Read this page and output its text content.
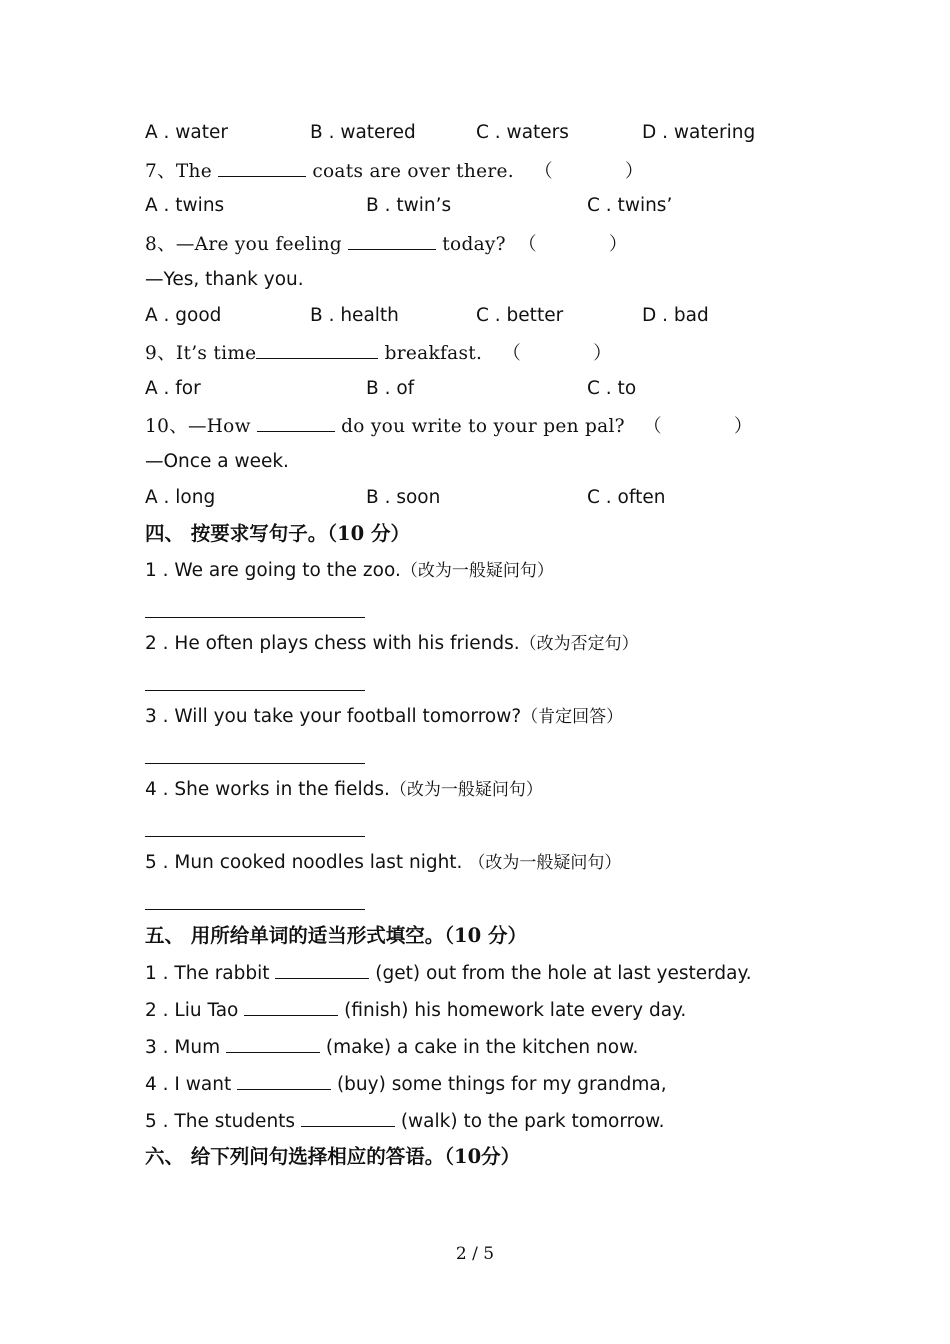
A . water	B . watered	C . waters	D . watering
7、The	coats are over there. （	）
A . twins	B . twin’s	C . twins’
8、—Are you feeling	today? （	）
—Yes, thank you.
A . good	B . health	C . better	D . bad
9、It’s time	breakfast. （	）
A . for	B . of	C . to
10、—How	do you write to your pen pal? （	）
—Once a week.
A . long	B . soon	C . often
四、 按要求写句子。（10 分）
1 . We are going to the zoo.（改为一般疑问句）
2 . He often plays chess with his friends.（改为否定句）
3 . Will you take your football tomorrow?（肯定回答）
4 . She works in the fields.（改为一般疑问句）
5 . Mun cooked noodles last night. （改为一般疑问句）
五、 用所给单词的适当形式填空。（10 分）
1 . The rabbit	(get) out from the hole at last yesterday.
2 . Liu Tao	(finish) his homework late every day.
3 . Mum	(make) a cake in the kitchen now.
4 . I want	(buy) some things for my grandma,
5 . The students	(walk) to the park tomorrow.
六、 给下列问句选择相应的答语。（10分）
2 / 5
